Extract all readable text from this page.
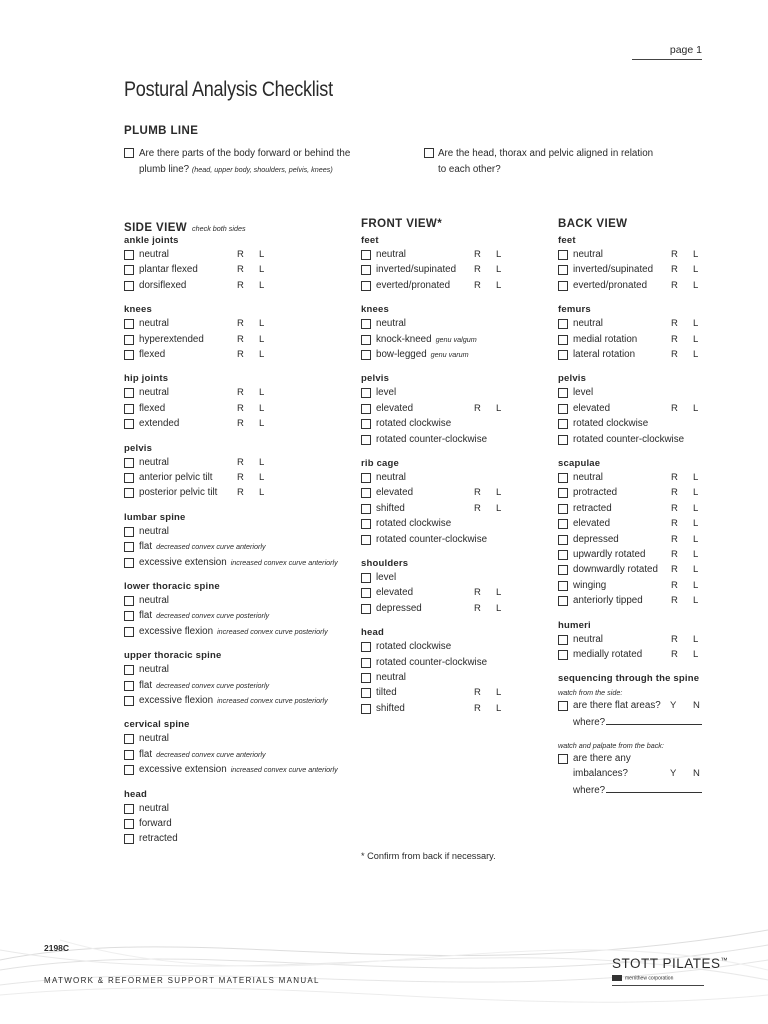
page 1
Postural Analysis Checklist
PLUMB LINE
Are there parts of the body forward or behind the
plumb line? (head, upper body, shoulders, pelvis, knees)
Are the head, thorax and pelvic aligned in relation
to each other?
SIDE VIEW check both sides
ankle joints
neutral	R L
plantar flexed	R L
dorsiflexed	R L
knees
neutral	R L
hyperextended	R L
flexed	R L
hip joints
neutral	R L
flexed	R L
extended	R L
pelvis
neutral	R L
anterior pelvic tilt	R L
posterior pelvic tilt R L
lumbar spine
neutral
flat decreased convex curve anteriorly
excessive extension increased convex curve anteriorly
lower thoracic spine
neutral
flat decreased convex curve posteriorly
excessive flexion increased convex curve posteriorly
upper thoracic spine
neutral
flat decreased convex curve posteriorly
excessive flexion increased convex curve posteriorly
cervical spine
neutral
flat decreased convex curve anteriorly
excessive extension increased convex curve anteriorly
head
neutral
forward
retracted
FRONT VIEW*
feet
neutral	R L
inverted/supinated R L
everted/pronated	R L
knees
neutral
knock-kneed genu valgum
bow-legged genu varum
pelvis
level
elevated	R L
rotated clockwise
rotated counter-clockwise
rib cage
neutral
elevated	R L
shifted	R L
rotated clockwise
rotated counter-clockwise
shoulders
level
elevated	R L
depressed	R L
head
rotated clockwise
rotated counter-clockwise
neutral
tilted	R L
shifted	R L
* Confirm from back if necessary.
BACK VIEW
feet
neutral	R L
inverted/supinated R L
everted/pronated	R L
femurs
neutral	R L
medial rotation	R L
lateral rotation	R L
pelvis
level
elevated	R L
rotated clockwise
rotated counter-clockwise
scapulae
neutral	R L
protracted	R L
retracted	R L
elevated	R L
depressed	R L
upwardly rotated	R L
downwardly rotated R L
winging	R L
anteriorly tipped	R L
humeri
neutral	R L
medially rotated	R L
sequencing through the spine
watch from the side:
are there flat areas? Y N
where?
watch and palpate from the back:
are there any
imbalances?	Y N
where?
2198C
MATWORK & REFORMER SUPPORT MATERIALS MANUAL
STOTT PILATES™
merrithew corporation
